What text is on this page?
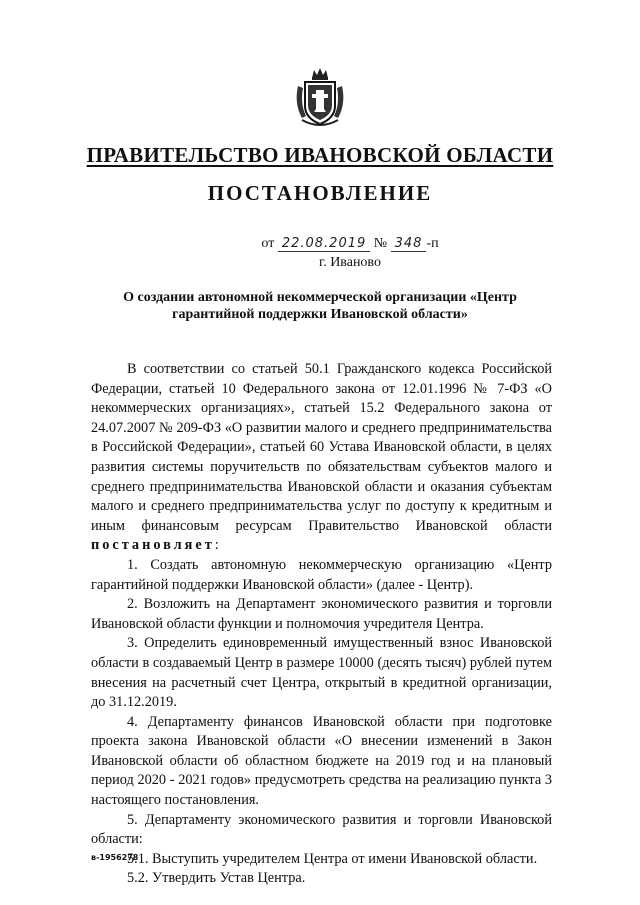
ПРАВИТЕЛЬСТВО ИВАНОВСКОЙ ОБЛАСТИ
ПОСТАНОВЛЕНИЕ
от 22.08.2019 № 348 -п
г. Иваново
О создании автономной некоммерческой организации «Центр
гарантийной поддержки Ивановской области»

В соответствии со статьей 50.1 Гражданского кодекса Российской Федерации, статьей 10 Федерального закона от 12.01.1996 № 7-ФЗ «О некоммерческих организациях», статьей 15.2 Федерального закона от 24.07.2007 № 209-ФЗ «О развитии малого и среднего предпринимательства в Российской Федерации», статьей 60 Устава Ивановской области, в целях развития системы поручительств по обязательствам субъектов малого и среднего предпринимательства Ивановской области и оказания субъектам малого и среднего предпринимательства услуг по доступу к кредитным и иным финансовым ресурсам Правительство Ивановской области постановляет:

1. Создать автономную некоммерческую организацию «Центр гарантийной поддержки Ивановской области» (далее - Центр).

2. Возложить на Департамент экономического развития и торговли Ивановской области функции и полномочия учредителя Центра.

3. Определить единовременный имущественный взнос Ивановской области в создаваемый Центр в размере 10000 (десять тысяч) рублей путем внесения на расчетный счет Центра, открытый в кредитной организации, до 31.12.2019.

4. Департаменту финансов Ивановской области при подготовке проекта закона Ивановской области «О внесении изменений в Закон Ивановской области об областном бюджете на 2019 год и на плановый период 2020 - 2021 годов» предусмотреть средства на реализацию пункта 3 настоящего постановления.

5. Департаменту экономического развития и торговли Ивановской области:

5.1. Выступить учредителем Центра от имени Ивановской области.

5.2. Утвердить Устав Центра.

в-1956278
